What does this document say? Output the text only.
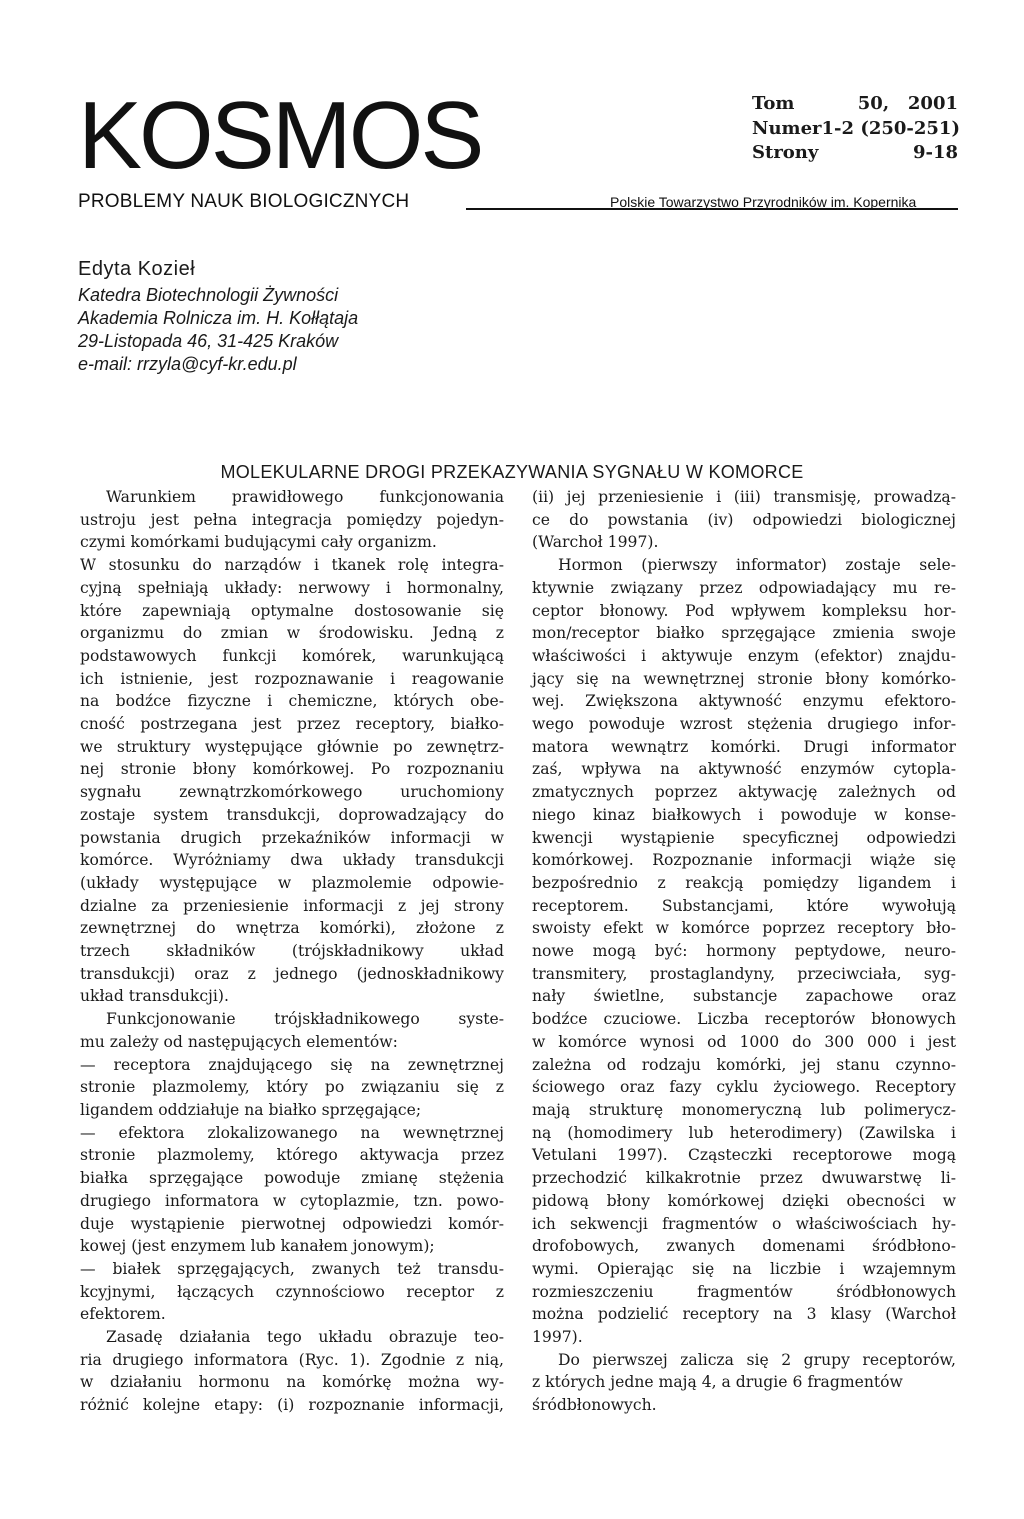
KOSMOS
PROBLEMY NAUK BIOLOGICZNYCH
Tom	50,   2001
Numer 1-2 (250-251)
Strony	9-18
Polskie Towarzystwo Przyrodników im. Kopernika
Edyta Kozieł
Katedra Biotechnologii Żywności
Akademia Rolnicza im. H. Kołłątaja
29-Listopada 46, 31-425 Kraków
e-mail: rrzyla@cyf-kr.edu.pl
MOLEKULARNE DROGI PRZEKAZYWANIA SYGNAŁU W KOMORCE
Warunkiem prawidłowego funkcjonowania
ustroju jest pełna integracja pomiędzy pojedyn-
czymi komórkami budującymi cały organizm.
W stosunku do narządów i tkanek rolę integra-
cyjną spełniają układy: nerwowy i hormonalny,
które zapewniają optymalne dostosowanie się
organizmu do zmian w środowisku. Jedną z
podstawowych funkcji komórek, warunkującą
ich istnienie, jest rozpoznawanie i reagowanie
na bodźce fizyczne i chemiczne, których obe-
cność postrzegana jest przez receptory, białko-
we struktury występujące głównie po zewnętrz-
nej stronie błony komórkowej. Po rozpoznaniu
sygnału zewnątrzkomórkowego uruchomiony
zostaje system transdukcji, doprowadzający do
powstania drugich przekaźników informacji w
komórce. Wyróżniamy dwa układy transdukcji
(układy występujące w plazmolemie odpowie-
dzialne za przeniesienie informacji z jej strony
zewnętrznej do wnętrza komórki), złożone z
trzech składników (trójskładnikowy układ
transdukcji) oraz z jednego (jednoskładnikowy
układ transdukcji).
Funkcjonowanie trójskładnikowego syste-
mu zależy od następujących elementów:
— receptora znajdującego się na zewnętrznej
stronie plazmolemy, który po związaniu się z
ligandem oddziałuje na białko sprzęgające;
— efektora zlokalizowanego na wewnętrznej
stronie plazmolemy, którego aktywacja przez
białka sprzęgające powoduje zmianę stężenia
drugiego informatora w cytoplazmie, tzn. powo-
duje wystąpienie pierwotnej odpowiedzi komór-
kowej (jest enzymem lub kanałem jonowym);
— białek sprzęgających, zwanych też transdu-
kcyjnymi, łączących czynnościowo receptor z
efektorem.
Zasadę działania tego układu obrazuje teo-
ria drugiego informatora (Ryc. 1). Zgodnie z nią,
w działaniu hormonu na komórkę można wy-
różnić kolejne etapy: (i) rozpoznanie informacji,
(ii) jej przeniesienie i (iii) transmisję, prowadzą-
ce do powstania (iv) odpowiedzi biologicznej
(Warchoł 1997).
Hormon (pierwszy informator) zostaje sele-
ktywnie związany przez odpowiadający mu re-
ceptor błonowy. Pod wpływem kompleksu hor-
mon/receptor białko sprzęgające zmienia swoje
właściwości i aktywuje enzym (efektor) znajdu-
jący się na wewnętrznej stronie błony komórko-
wej. Zwiększona aktywność enzymu efektoro-
wego powoduje wzrost stężenia drugiego infor-
matora wewnątrz komórki. Drugi informator
zaś, wpływa na aktywność enzymów cytopla-
zmatycznych poprzez aktywację zależnych od
niego kinaz białkowych i powoduje w konse-
kwencji wystąpienie specyficznej odpowiedzi
komórkowej. Rozpoznanie informacji wiąże się
bezpośrednio z reakcją pomiędzy ligandem i
receptorem. Substancjami, które wywołują
swoisty efekt w komórce poprzez receptory bło-
nowe mogą być: hormony peptydowe, neuro-
transmitery, prostaglandyny, przeciwciała, syg-
nały świetlne, substancje zapachowe oraz
bodźce czuciowe. Liczba receptorów błonowych
w komórce wynosi od 1000 do 300 000 i jest
zależna od rodzaju komórki, jej stanu czynno-
ściowego oraz fazy cyklu życiowego. Receptory
mają strukturę monomeryczną lub polimerycz-
ną (homodimery lub heterodimery) (Zawilska i
Vetulani 1997). Cząsteczki receptorowe mogą
przechodzić kilkakrotnie przez dwuwarstwę li-
pidową błony komórkowej dzięki obecności w
ich sekwencji fragmentów o właściwościach hy-
drofobowych, zwanych domenami śródbłono-
wymi. Opierając się na liczbie i wzajemnym
rozmieszczeniu fragmentów śródbłonowych
można podzielić receptory na 3 klasy (Warchoł
1997).
Do pierwszej zalicza się 2 grupy receptorów,
z których jedne mają 4, a drugie 6 fragmentów
śródbłonowych.
